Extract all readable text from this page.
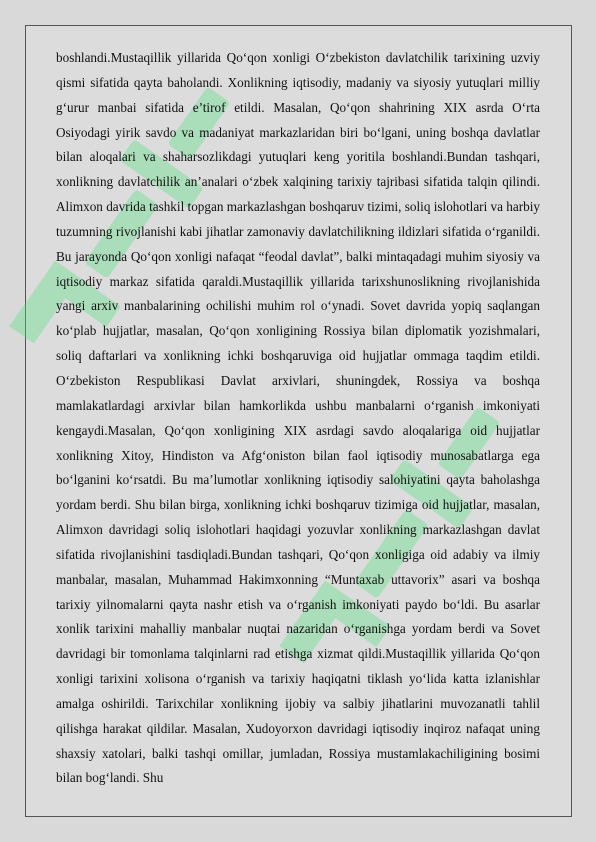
boshlandi.Mustaqillik yillarida Qo‘qon xonligi O‘zbekiston davlatchilik tarixining uzviy qismi sifatida qayta baholandi. Xonlikning iqtisodiy, madaniy va siyosiy yutuqlari milliy g‘urur manbai sifatida e’tirof etildi. Masalan, Qo‘qon shahrining XIX asrda O‘rta Osiyodagi yirik savdo va madaniyat markazlaridan biri bo‘lgani, uning boshqa davlatlar bilan aloqalari va shaharsozlikdagi yutuqlari keng yoritila boshlandi.Bundan tashqari, xonlikning davlatchilik an’analari o‘zbek xalqining tarixiy tajribasi sifatida talqin qilindi. Alimxon davrida tashkil topgan markazlashgan boshqaruv tizimi, soliq islohotlari va harbiy tuzumning rivojlanishi kabi jihatlar zamonaviy davlatchilikning ildizlari sifatida o‘rganildi. Bu jarayonda Qo‘qon xonligi nafaqat “feodal davlat”, balki mintaqadagi muhim siyosiy va iqtisodiy markaz sifatida qaraldi.Mustaqillik yillarida tarixshunoslikning rivojlanishida yangi arxiv manbalarining ochilishi muhim rol o‘ynadi. Sovet davrida yopiq saqlangan ko‘plab hujjatlar, masalan, Qo‘qon xonligining Rossiya bilan diplomatik yozishmalari, soliq daftarlari va xonlikning ichki boshqaruviga oid hujjatlar ommaga taqdim etildi. O‘zbekiston Respublikasi Davlat arxivlari, shuningdek, Rossiya va boshqa mamlakatlardagi arxivlar bilan hamkorlikda ushbu manbalarni o‘rganish imkoniyati kengaydi.Masalan, Qo‘qon xonligining XIX asrdagi savdo aloqalariga oid hujjatlar xonlikning Xitoy, Hindiston va Afg‘oniston bilan faol iqtisodiy munosabatlarga ega bo‘lganini ko‘rsatdi. Bu ma’lumotlar xonlikning iqtisodiy salohiyatini qayta baholashga yordam berdi. Shu bilan birga, xonlikning ichki boshqaruv tizimiga oid hujjatlar, masalan, Alimxon davridagi soliq islohotlari haqidagi yozuvlar xonlikning markazlashgan davlat sifatida rivojlanishini tasdiqladi.Bundan tashqari, Qo‘qon xonligiga oid adabiy va ilmiy manbalar, masalan, Muhammad Hakimxonning “Muntaxab uttavorix” asari va boshqa tarixiy yilnomalarni qayta nashr etish va o‘rganish imkoniyati paydo bo‘ldi. Bu asarlar xonlik tarixini mahalliy manbalar nuqtai nazaridan o‘rganishga yordam berdi va Sovet davridagi bir tomonlama talqinlarni rad etishga xizmat qildi.Mustaqillik yillarida Qo‘qon xonligi tarixini xolisona o‘rganish va tarixiy haqiqatni tiklash yo‘lida katta izlanishlar amalga oshirildi. Tarixchilar xonlikning ijobiy va salbiy jihatlarini muvozanatli tahlil qilishga harakat qildilar. Masalan, Xudoyorxon davridagi iqtisodiy inqiroz nafaqat uning shaxsiy xatolari, balki tashqi omillar, jumladan, Rossiya mustamlakachiligining bosimi bilan bog‘landi. Shu
